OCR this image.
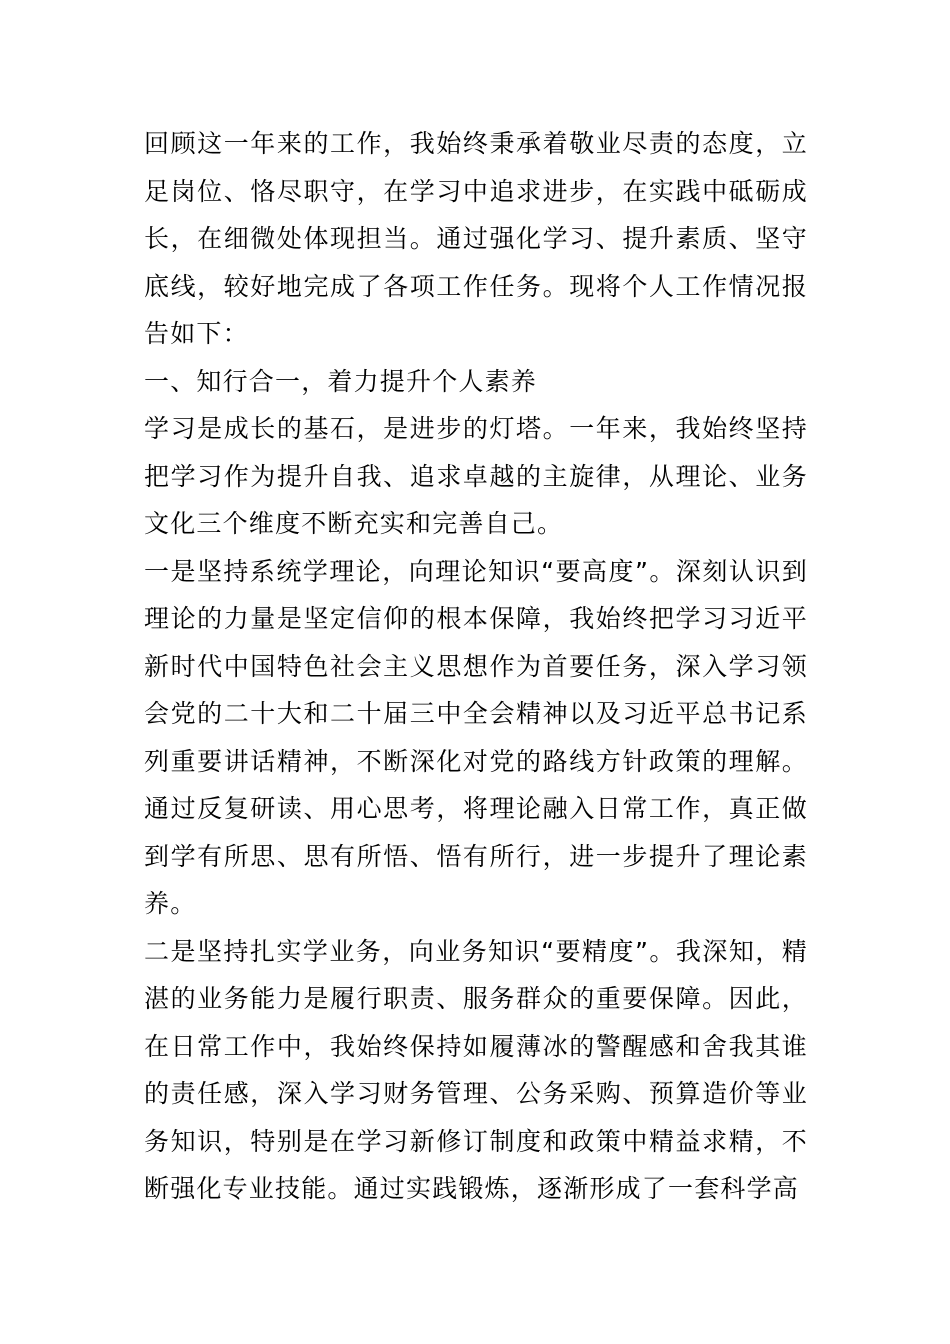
回顾这一年来的工作，我始终秉承着敬业尽责的态度，立足岗位、恪尽职守，在学习中追求进步，在实践中砥砺成长，在细微处体现担当。通过强化学习、提升素质、坚守底线，较好地完成了各项工作任务。现将个人工作情况报告如下：

一、知行合一，着力提升个人素养

学习是成长的基石，是进步的灯塔。一年来，我始终坚持把学习作为提升自我、追求卓越的主旋律，从理论、业务文化三个维度不断充实和完善自己。

一是坚持系统学理论，向理论知识“要高度”。深刻认识到理论的力量是坚定信仰的根本保障，我始终把学习习近平新时代中国特色社会主义思想作为首要任务，深入学习领会党的二十大和二十届三中全会精神以及习近平总书记系列重要讲话精神，不断深化对党的路线方针政策的理解。通过反复研读、用心思考，将理论融入日常工作，真正做到学有所思、思有所悟、悟有所行，进一步提升了理论素养。

二是坚持扎实学业务，向业务知识“要精度”。我深知，精湛的业务能力是履行职责、服务群众的重要保障。因此，在日常工作中，我始终保持如履薄冰的警醒感和舍我其谁的责任感，深入学习财务管理、公务采购、预算造价等业务知识，特别是在学习新修订制度和政策中精益求精，不断强化专业技能。通过实践锻炼，逐渐形成了一套科学高
